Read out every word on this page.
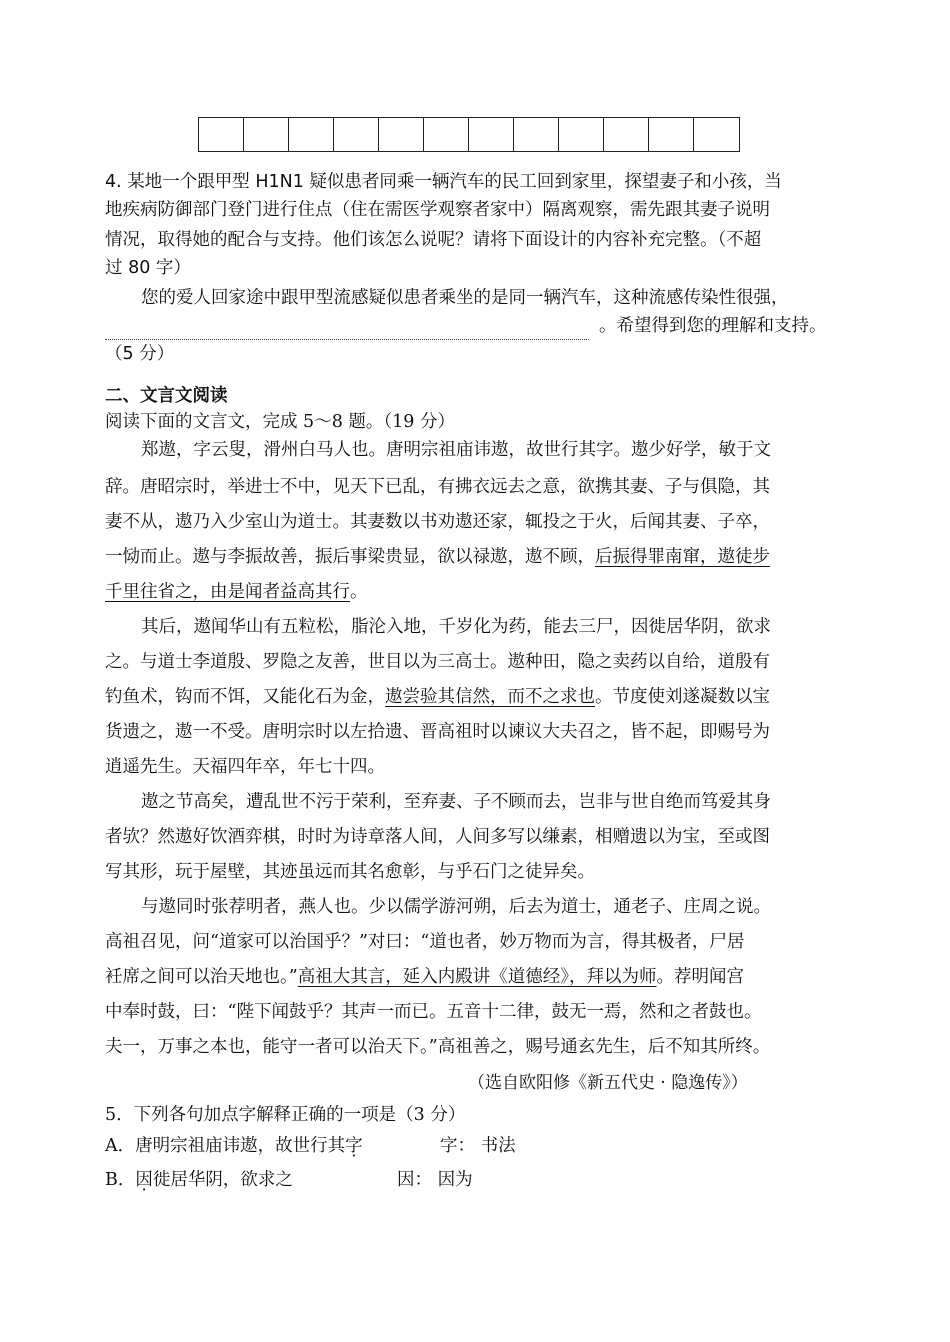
4. 某地一个跟甲型 H1N1 疑似患者同乘一辆汽车的民工回到家里，探望妻子和小孩，当
地疾病防御部门登门进行住点（住在需医学观察者家中）隔离观察，需先跟其妻子说明
情况，取得她的配合与支持。他们该怎么说呢？请将下面设计的内容补充完整。（不超
过 80 字）
您的爱人回家途中跟甲型流感疑似患者乘坐的是同一辆汽车，这种流感传染性很强，
。希望得到您的理解和支持。
（5 分）
二、文言文阅读
阅读下面的文言文，完成 5～8 题。（19 分）
郑遨，字云叟，滑州白马人也。唐明宗祖庙讳遨，故世行其字。遨少好学，敏于文
辞。唐昭宗时，举进士不中，见天下已乱，有拂衣远去之意，欲携其妻、子与俱隐，其
妻不从，遨乃入少室山为道士。其妻数以书劝遨还家，辄投之于火，后闻其妻、子卒，
一恸而止。遨与李振故善，振后事梁贵显，欲以禄遨，遨不顾，后振得罪南窜，遨徒步
千里往省之，由是闻者益高其行。
其后，遨闻华山有五粒松，脂沦入地，千岁化为药，能去三尸，因徙居华阴，欲求
之。与道士李道殷、罗隐之友善，世目以为三高士。遨种田，隐之卖药以自给，道殷有
钓鱼术，钩而不饵，又能化石为金，遨尝验其信然，而不之求也。节度使刘遂凝数以宝
货遗之，遨一不受。唐明宗时以左拾遗、晋高祖时以谏议大夫召之，皆不起，即赐号为
逍遥先生。天福四年卒，年七十四。
遨之节高矣，遭乱世不污于荣利，至弃妻、子不顾而去，岂非与世自绝而笃爱其身
者欤？然遨好饮酒弈棋，时时为诗章落人间，人间多写以缣素，相赠遗以为宝，至或图
写其形，玩于屋壁，其迹虽远而其名愈彰，与乎石门之徒异矣。
与遨同时张荐明者，燕人也。少以儒学游河朔，后去为道士，通老子、庄周之说。
高祖召见，问“道家可以治国乎？”对曰：“道也者，妙万物而为言，得其极者，尸居
衽席之间可以治天地也。”高祖大其言，延入内殿讲《道德经》，拜以为师。荐明闻宫
中奉时鼓，曰：“陛下闻鼓乎？其声一而已。五音十二律，鼓无一焉，然和之者鼓也。
夫一，万事之本也，能守一者可以治天下。”高祖善之，赐号通玄先生，后不知其所终。
（选自欧阳修《新五代史 · 隐逸传》）
5．下列各句加点字解释正确的一项是（3 分）
A．唐明宗祖庙讳遨，故世行其字	字： 书法
B．因徙居华阴，欲求之	因： 因为
